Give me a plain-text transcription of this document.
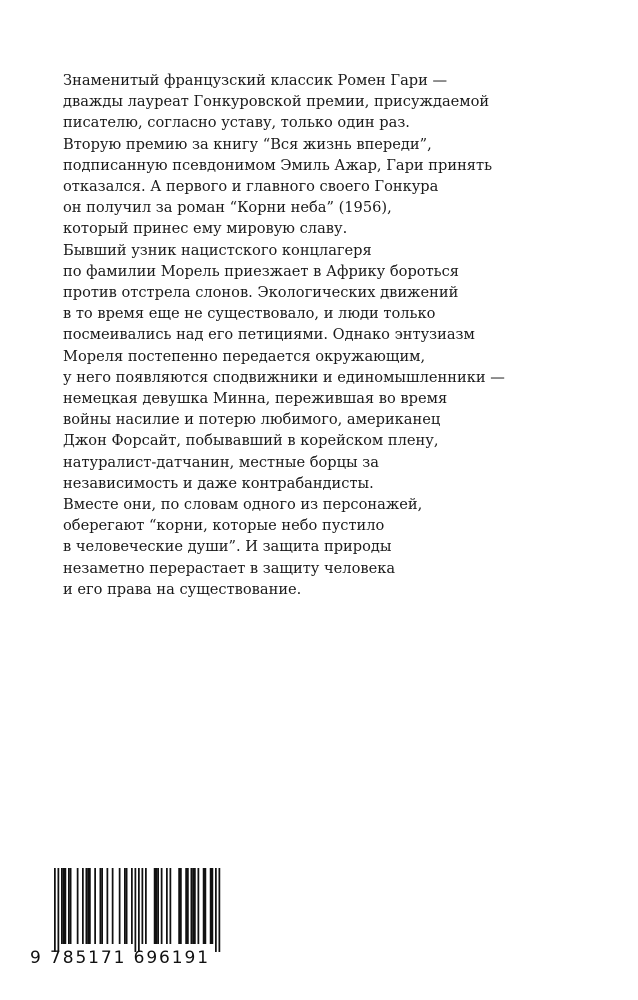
Знаменитый французский классик Ромен Гари —
дважды лауреат Гонкуровской премии, присуждаемой
писателю, согласно уставу, только один раз.
Вторую премию за книгу “Вся жизнь впереди”,
подписанную псевдонимом Эмиль Ажар, Гари принять
отказался. А первого и главного своего Гонкура
он получил за роман “Корни неба” (1956),
который принес ему мировую славу.
Бывший узник нацистского концлагеря
по фамилии Морель приезжает в Африку бороться
против отстрела слонов. Экологических движений
в то время еще не существовало, и люди только
посмеивались над его петициями. Однако энтузиазм
Мореля постепенно передается окружающим,
у него появляются сподвижники и единомышленники —
немецкая девушка Минна, пережившая во время
войны насилие и потерю любимого, американец
Джон Форсайт, побывавший в корейском плену,
натуралист-датчанин, местные борцы за
независимость и даже контрабандисты.
Вместе они, по словам одного из персонажей,
оберегают “корни, которые небо пустило
в человеческие души”. И защита природы
незаметно перерастает в защиту человека
и его права на существование.
9 785171 696191
